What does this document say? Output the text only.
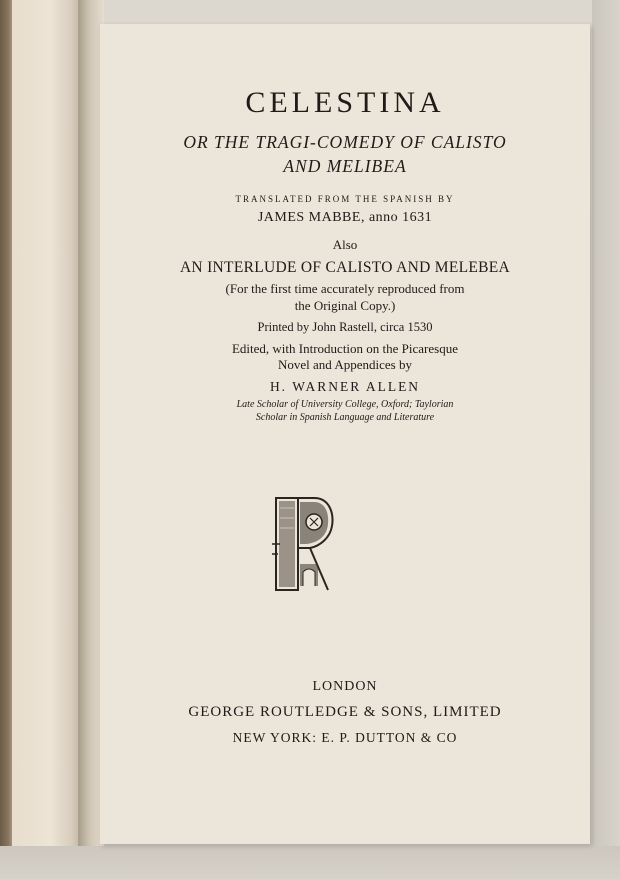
CELESTINA
OR THE TRAGI-COMEDY OF CALISTO
AND MELIBEA
TRANSLATED FROM THE SPANISH BY
JAMES MABBE, anno 1631
Also
AN INTERLUDE OF CALISTO AND MELEBEA
(For the first time accurately reproduced from
the Original Copy.)
Printed by John Rastell, circa 1530
Edited, with Introduction on the Picaresque
Novel and Appendices by
H. WARNER ALLEN
Late Scholar of University College, Oxford; Taylorian
Scholar in Spanish Language and Literature
LONDON
GEORGE ROUTLEDGE & SONS, LIMITED
NEW YORK: E. P. DUTTON & CO
